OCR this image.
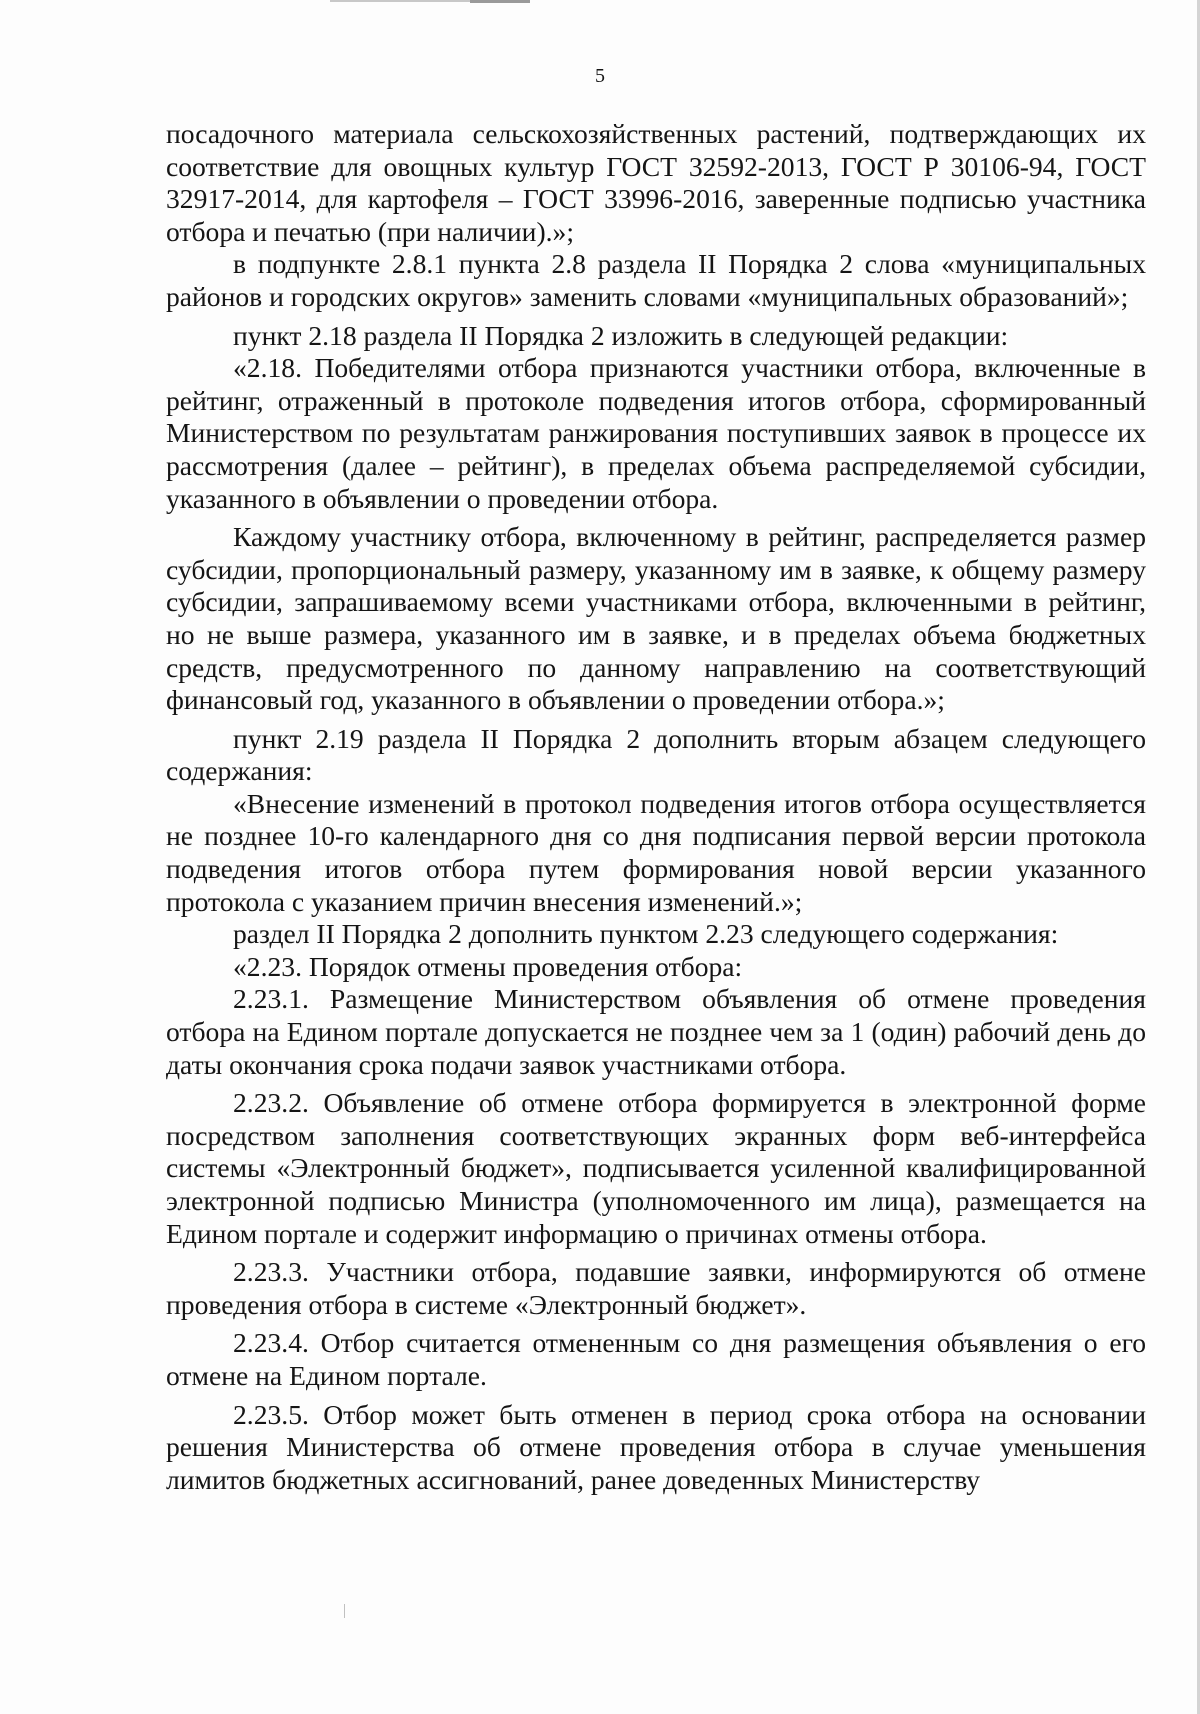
5

посадочного материала сельскохозяйственных растений, подтверждающих их соответствие для овощных культур ГОСТ 32592-2013, ГОСТ Р 30106-94, ГОСТ 32917-2014, для картофеля – ГОСТ 33996-2016, заверенные подписью участника отбора и печатью (при наличии).»;

в подпункте 2.8.1 пункта 2.8 раздела II Порядка 2 слова «муниципальных районов и городских округов» заменить словами «муниципальных образований»;

пункт 2.18 раздела II Порядка 2 изложить в следующей редакции:

«2.18. Победителями отбора признаются участники отбора, включенные в рейтинг, отраженный в протоколе подведения итогов отбора, сформированный Министерством по результатам ранжирования поступивших заявок в процессе их рассмотрения (далее – рейтинг), в пределах объема распределяемой субсидии, указанного в объявлении о проведении отбора.

Каждому участнику отбора, включенному в рейтинг, распределяется размер субсидии, пропорциональный размеру, указанному им в заявке, к общему размеру субсидии, запрашиваемому всеми участниками отбора, включенными в рейтинг, но не выше размера, указанного им в заявке, и в пределах объема бюджетных средств, предусмотренного по данному направлению на соответствующий финансовый год, указанного в объявлении о проведении отбора.»;

пункт 2.19 раздела II Порядка 2 дополнить вторым абзацем следующего содержания:

«Внесение изменений в протокол подведения итогов отбора осуществляется не позднее 10-го календарного дня со дня подписания первой версии протокола подведения итогов отбора путем формирования новой версии указанного протокола с указанием причин внесения изменений.»;

раздел II Порядка 2 дополнить пунктом 2.23 следующего содержания:

«2.23. Порядок отмены проведения отбора:

2.23.1. Размещение Министерством объявления об отмене проведения отбора на Едином портале допускается не позднее чем за 1 (один) рабочий день до даты окончания срока подачи заявок участниками отбора.

2.23.2. Объявление об отмене отбора формируется в электронной форме посредством заполнения соответствующих экранных форм веб-интерфейса системы «Электронный бюджет», подписывается усиленной квалифицированной электронной подписью Министра (уполномоченного им лица), размещается на Едином портале и содержит информацию о причинах отмены отбора.

2.23.3. Участники отбора, подавшие заявки, информируются об отмене проведения отбора в системе «Электронный бюджет».

2.23.4. Отбор считается отмененным со дня размещения объявления о его отмене на Едином портале.

2.23.5. Отбор может быть отменен в период срока отбора на основании решения Министерства об отмене проведения отбора в случае уменьшения лимитов бюджетных ассигнований, ранее доведенных Министерству
